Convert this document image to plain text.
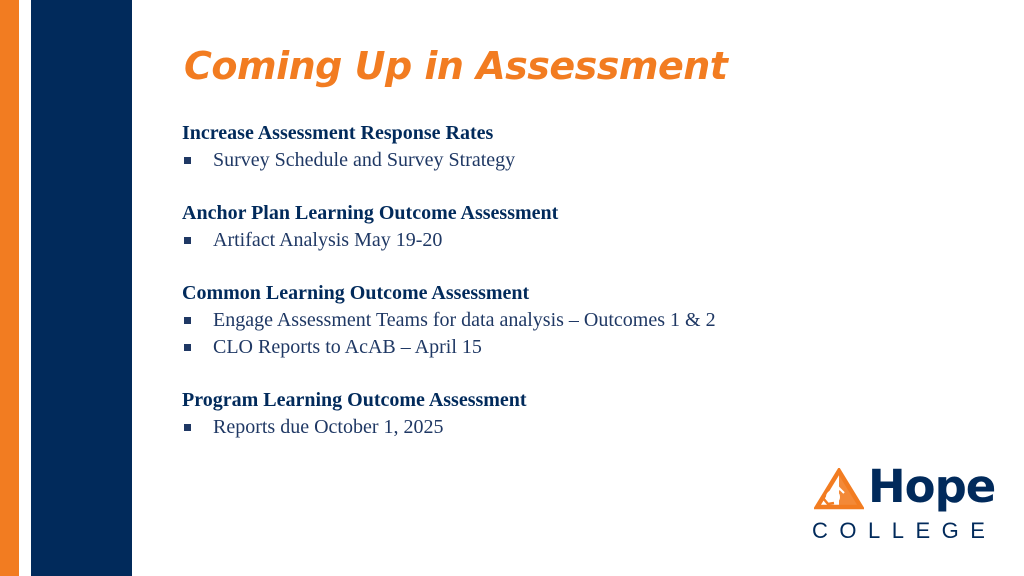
Coming Up in Assessment
Increase Assessment Response Rates
Survey Schedule and Survey Strategy
Anchor Plan Learning Outcome Assessment
Artifact Analysis May 19-20
Common Learning Outcome Assessment
Engage Assessment Teams for data analysis – Outcomes 1 & 2
CLO Reports to AcAB – April 15
Program Learning Outcome Assessment
Reports due October 1, 2025
Hope
COLLEGE
